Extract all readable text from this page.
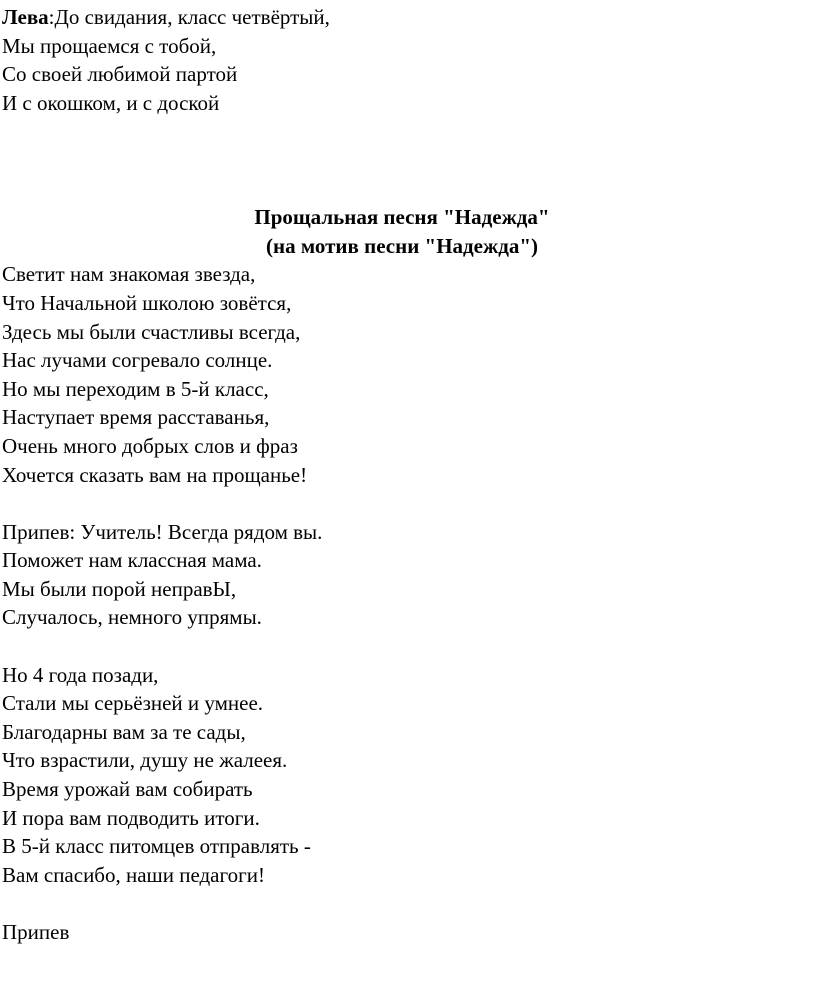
Лева:До свидания, класс четвёртый,
Мы прощаемся с тобой,
Со своей любимой партой
И с окошком, и с доской
Прощальная песня "Надежда"
(на мотив песни "Надежда")
Светит нам знакомая звезда,
Что Начальной школою зовётся,
Здесь мы были счастливы всегда,
Нас лучами согревало солнце.
Но мы переходим в 5-й класс,
Наступает время расставанья,
Очень много добрых слов и фраз
Хочется сказать вам на прощанье!
Припев: Учитель! Всегда рядом вы.
Поможет нам классная мама.
Мы были порой неправЫ,
Случалось, немного упрямы.
Но 4 года позади,
Стали мы серьёзней и умнее.
Благодарны вам за те сады,
Что взрастили, душу не жалеея.
Время урожай вам собирать
И пора вам подводить итоги.
В 5-й класс питомцев отправлять -
Вам спасибо, наши педагоги!
Припев
